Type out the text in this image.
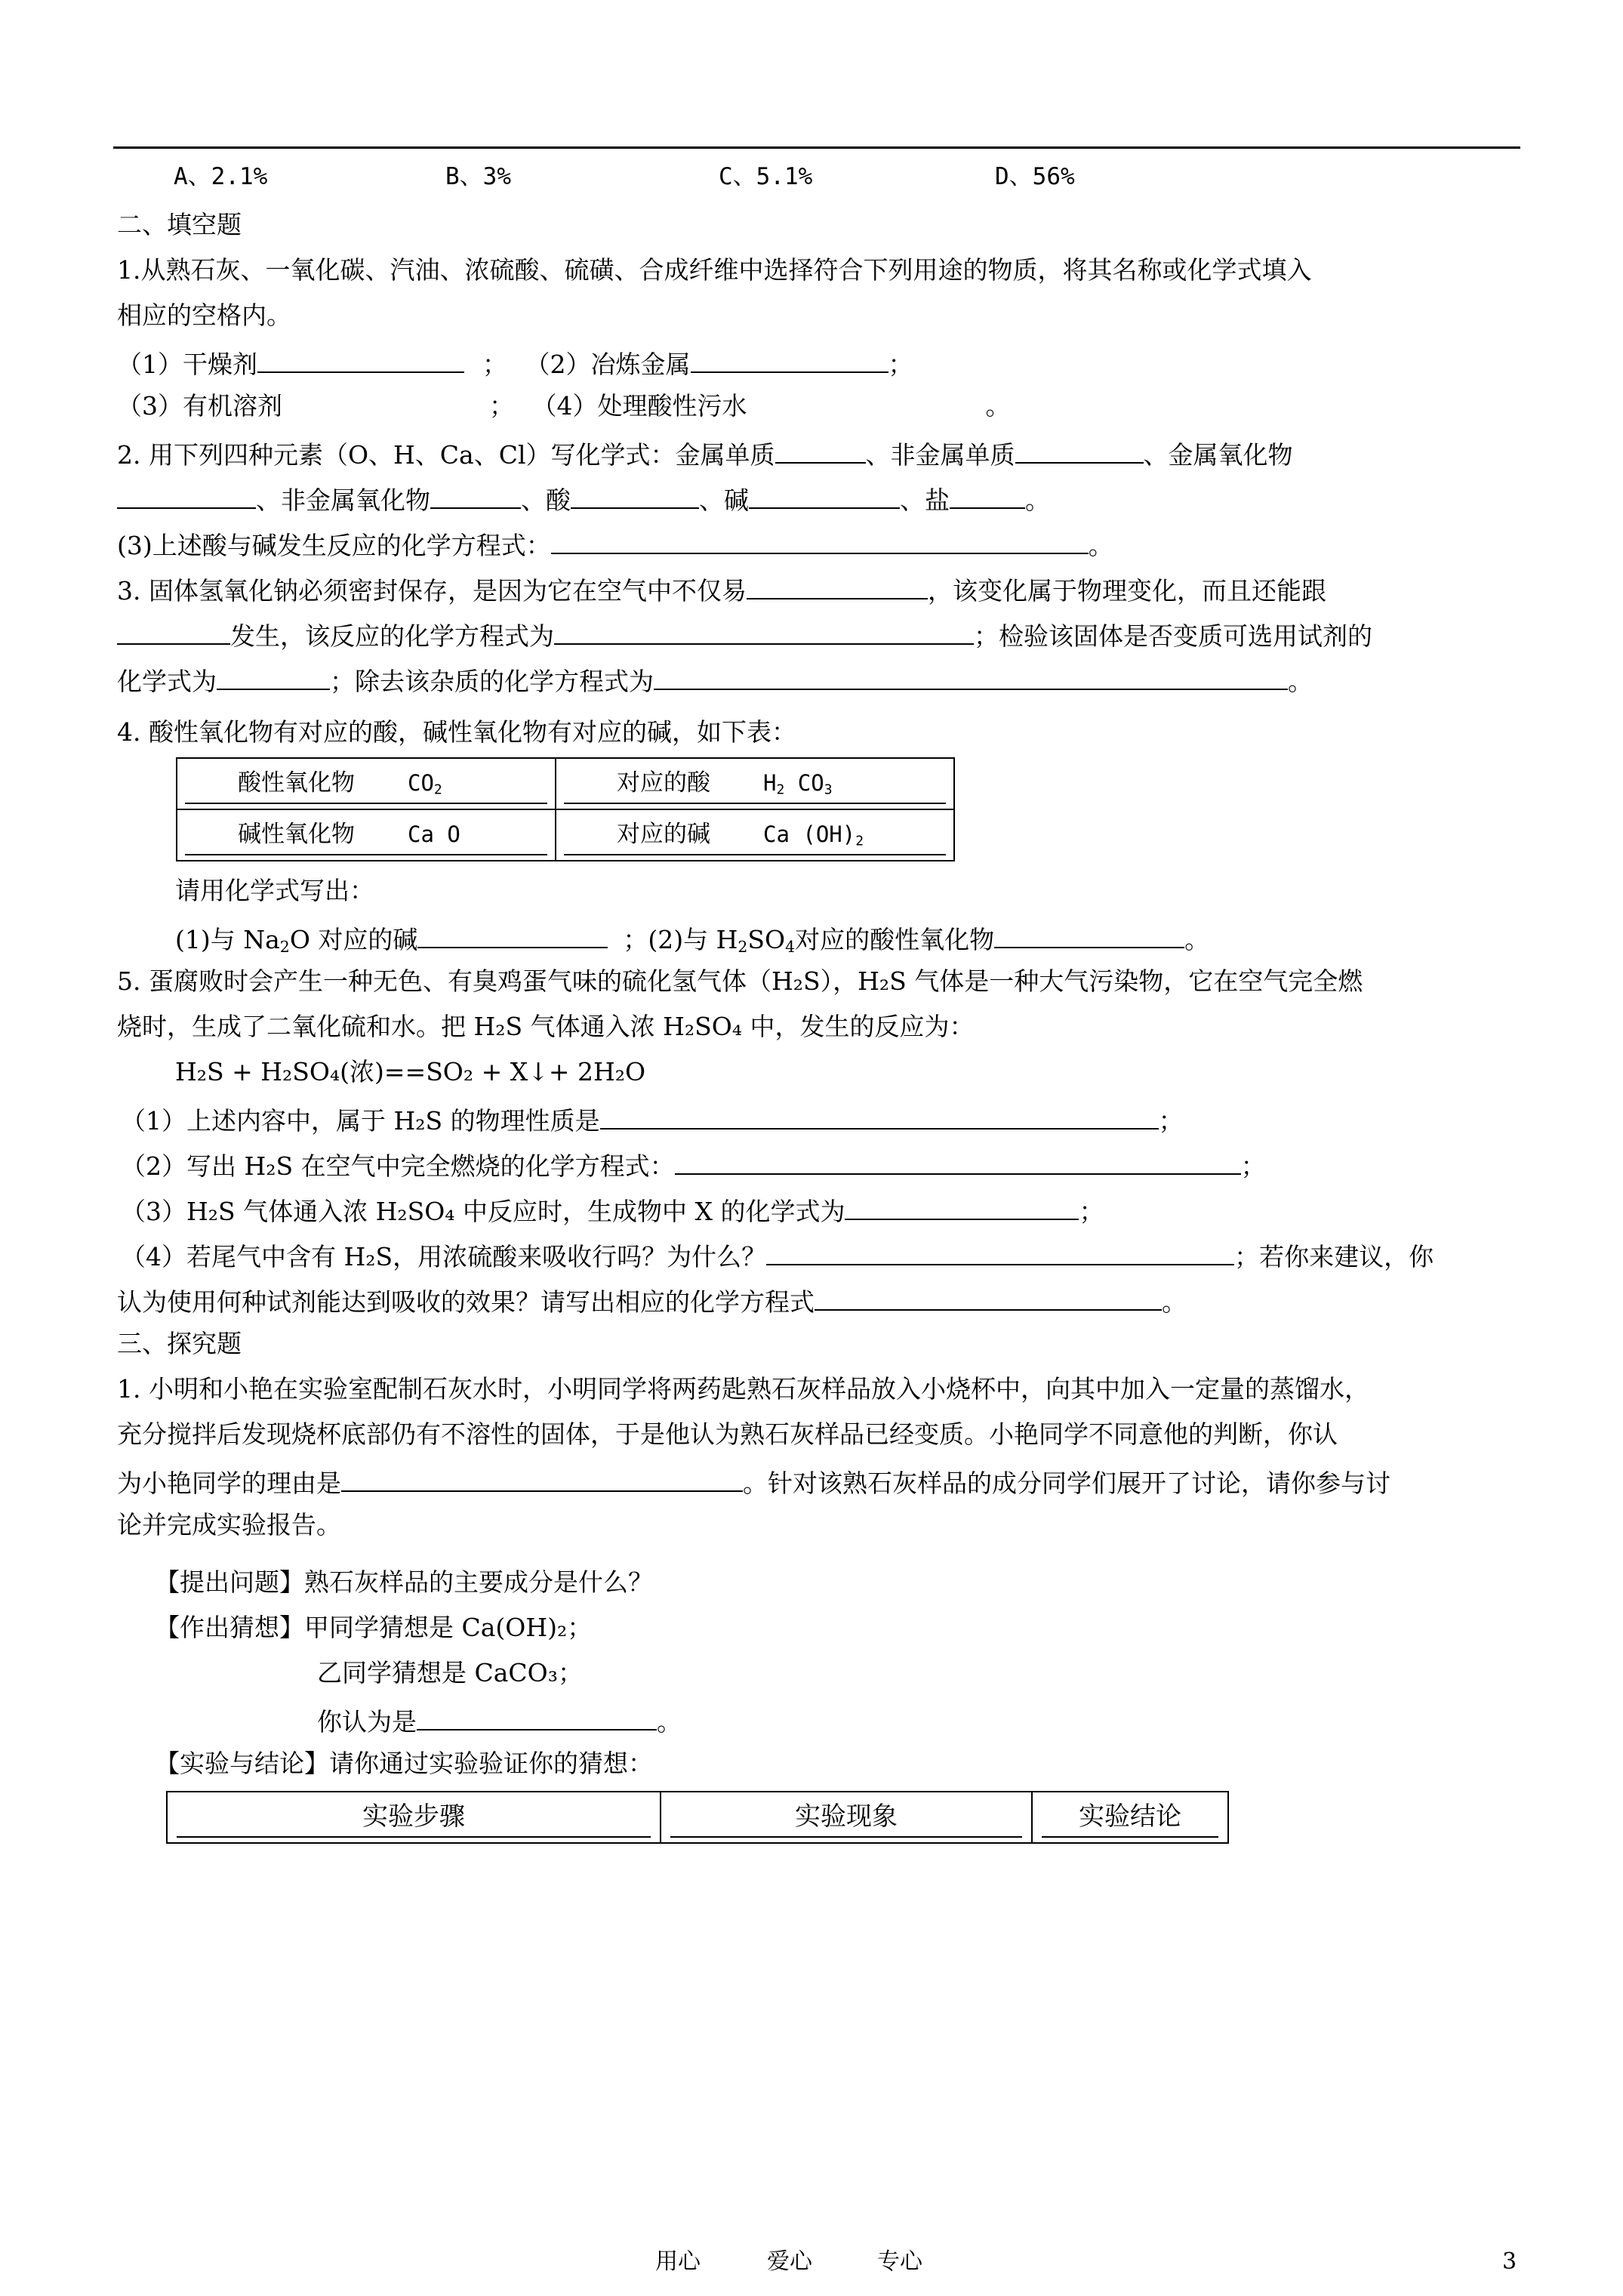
A、2.1%	B、3%	C、5.1%	D、56%
二、填空题
1.从熟石灰、一氧化碳、汽油、浓硫酸、硫磺、合成纤维中选择符合下列用途的物质，将其名称或化学式填入
相应的空格内。
（1）干燥剂	； （2）冶炼金属	；
（3）有机溶剂	； （4）处理酸性污水	。
2. 用下列四种元素（O、H、Ca、Cl）写化学式：金属单质	、非金属单质	、金属氧化物
、非金属氧化物	、酸	、碱	、盐	。
(3)上述酸与碱发生反应的化学方程式：	。
3. 固体氢氧化钠必须密封保存，是因为它在空气中不仅易	，该变化属于物理变化，而且还能跟
发生，该反应的化学方程式为	；检验该固体是否变质可选用试剂的
化学式为	；除去该杂质的化学方程式为	。
4. 酸性氧化物有对应的酸，碱性氧化物有对应的碱，如下表：
酸性氧化物 $CO_2$	对应的酸 $H_2$ $CO_3$

碱性氧化物 Ca O	对应的碱 Ca $(OH)_2$
请用化学式写出：
(1)与 $Na_2O$ 对应的碱	；(2)与 $H_2SO_4$对应的酸性氧化物	。
5. 蛋腐败时会产生一种无色、有臭鸡蛋气味的硫化氢气体（H₂S），H₂S 气体是一种大气污染物，它在空气完全燃
烧时，生成了二氧化硫和水。把 H₂S 气体通入浓 H₂SO₄ 中，发生的反应为：
H₂S + H₂SO₄(浓)==SO₂ + X↓+ 2H₂O
（1）上述内容中，属于 H₂S 的物理性质是	；
（2）写出 H₂S 在空气中完全燃烧的化学方程式：	；
（3）H₂S 气体通入浓 H₂SO₄ 中反应时，生成物中 X 的化学式为	；
（4）若尾气中含有 H₂S，用浓硫酸来吸收行吗？为什么？	；若你来建议，你
认为使用何种试剂能达到吸收的效果？请写出相应的化学方程式	。
三、探究题
1. 小明和小艳在实验室配制石灰水时，小明同学将两药匙熟石灰样品放入小烧杯中，向其中加入一定量的蒸馏水，
充分搅拌后发现烧杯底部仍有不溶性的固体，于是他认为熟石灰样品已经变质。小艳同学不同意他的判断，你认
为小艳同学的理由是	。针对该熟石灰样品的成分同学们展开了讨论，请你参与讨
论并完成实验报告。
【提出问题】熟石灰样品的主要成分是什么？
【作出猜想】甲同学猜想是 Ca(OH)₂；
乙同学猜想是 CaCO₃；
你认为是	。
【实验与结论】请你通过实验验证你的猜想：
实验步骤	实验现象	实验结论
用心	爱心	专心	3
